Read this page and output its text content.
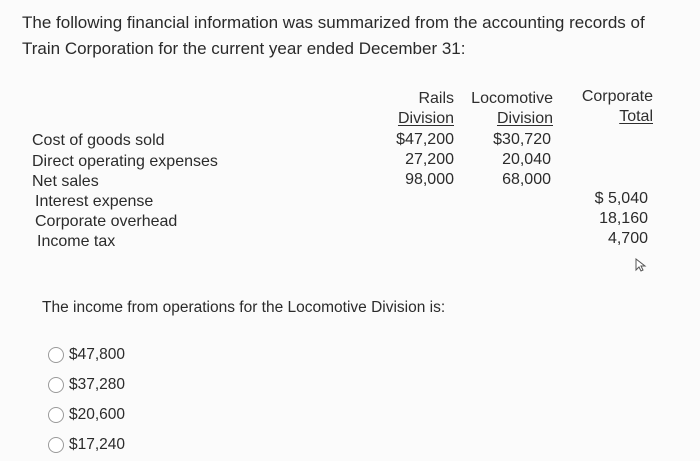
The following financial information was summarized from the accounting records of
Train Corporation for the current year ended December 31:
Rails
Division
Locomotive
Division
Corporate
Total
Cost of goods sold
Direct operating expenses
Net sales
Interest expense
Corporate overhead
Income tax
$47,200
27,200
98,000
$30,720
20,040
68,000
$ 5,040
18,160
4,700
The income from operations for the Locomotive Division is:
$47,800
$37,280
$20,600
$17,240
